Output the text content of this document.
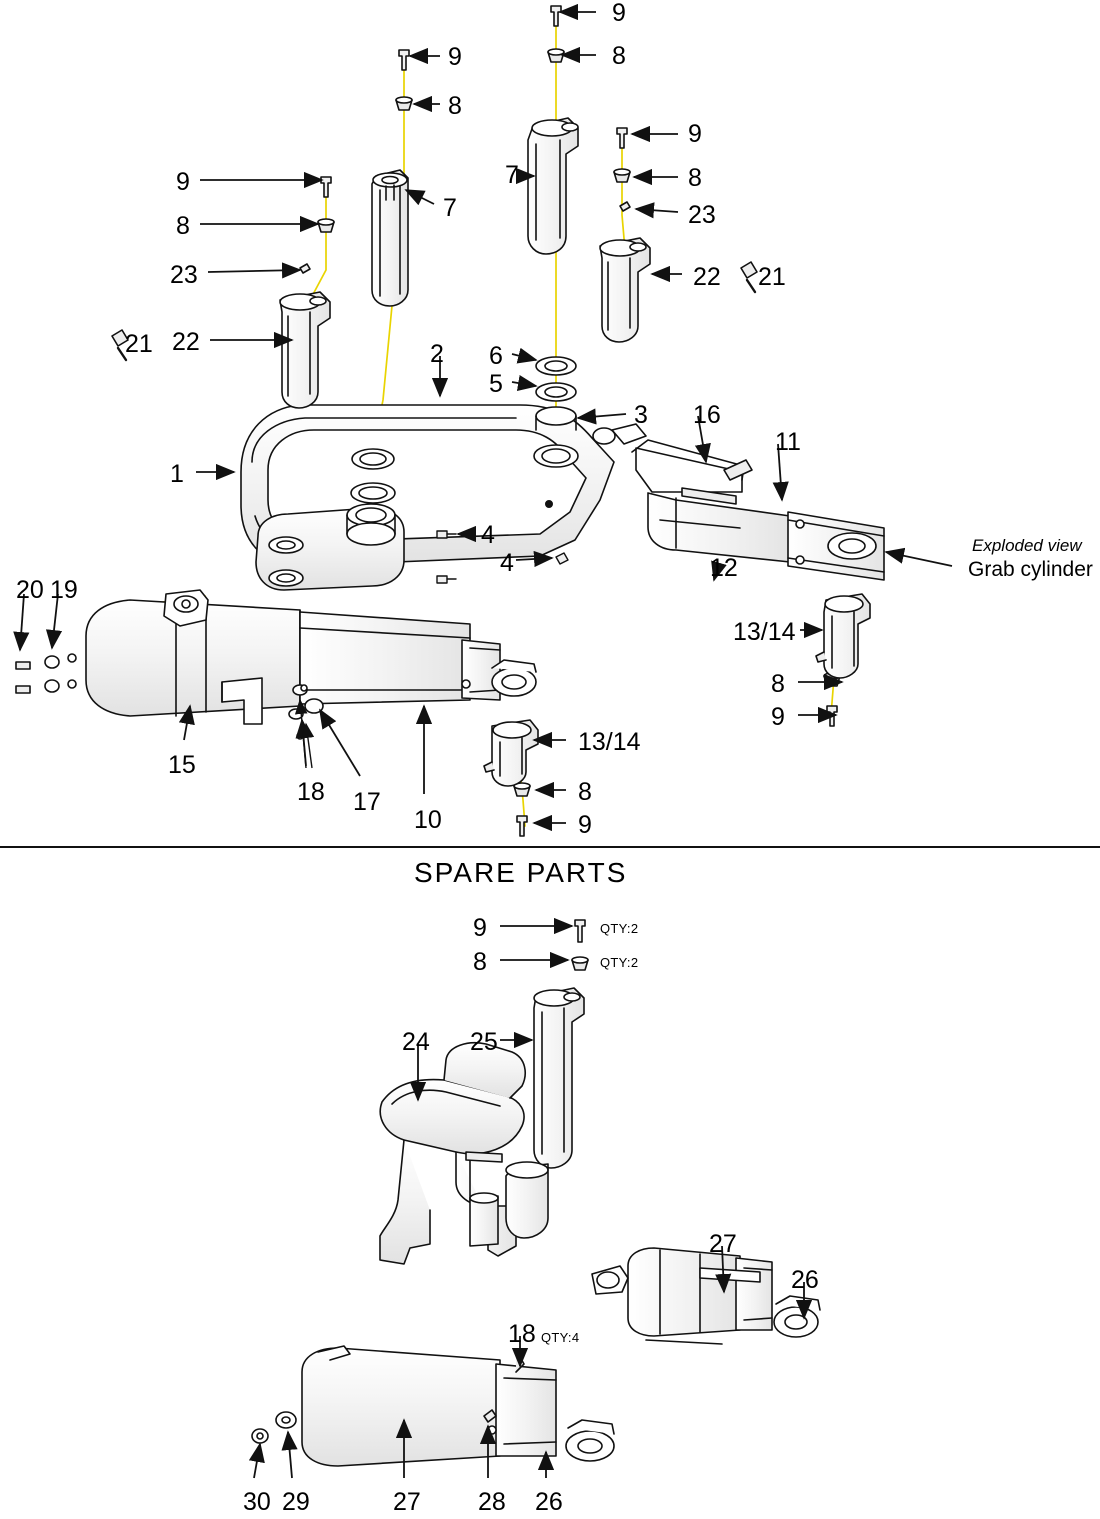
9
8
9
8
7
7
9
8
23
9
8
23
22
21
22 21
2 6
5
3 16
11
1
4
4	12
20 19
13/14
8
9
15
18 17
10
13/14
8
9
Exploded view
Grab cylinder
SPARE PARTS
9	QTY:2
8	QTY:2
24 25
27
26
18 QTY:4
30 29	27 28 26
